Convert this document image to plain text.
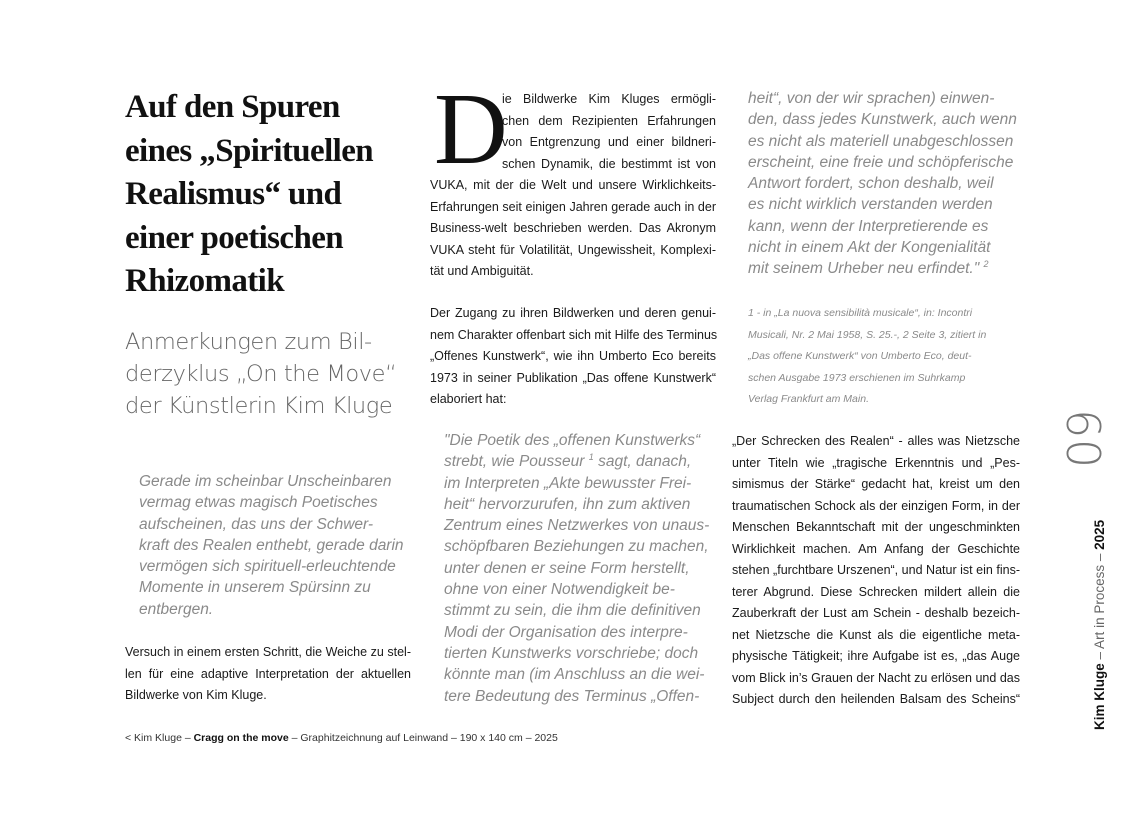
Auf den Spuren
eines „Spirituellen
Realismus“ und
einer poetischen
Rhizomatik
Anmerkungen zum Bil-
derzyklus „On the Move“
der Künstlerin Kim Kluge
Gerade im scheinbar Unscheinbaren
vermag etwas magisch Poetisches
aufscheinen, das uns der Schwer-
kraft des Realen enthebt, gerade darin
vermögen sich spirituell-erleuchtende
Momente in unserem Spürsinn zu
entbergen.
Versuch in einem ersten Schritt, die Weiche zu stel-
len für eine adaptive Interpretation der aktuellen
Bildwerke von Kim Kluge.
D
ie Bildwerke Kim Kluges ermögli-
chen dem Rezipienten Erfahrungen
von Entgrenzung und einer bildneri-
schen Dynamik, die bestimmt ist von
VUKA, mit der die Welt und unsere Wirklichkeits-
Erfahrungen seit einigen Jahren gerade auch in der
Business-welt beschrieben werden. Das Akronym
VUKA steht für Volatilität, Ungewissheit, Komplexi-
tät und Ambiguität.
Der Zugang zu ihren Bildwerken und deren genui-
nem Charakter offenbart sich mit Hilfe des Terminus
„Offenes Kunstwerk“, wie ihn Umberto Eco bereits
1973 in seiner Publikation „Das offene Kunstwerk“
elaboriert hat:
"Die Poetik des „offenen Kunstwerks“
strebt, wie Pousseur $^1$ sagt, danach,
im Interpreten „Akte bewusster Frei-
heit“ hervorzurufen, ihn zum aktiven
Zentrum eines Netzwerkes von unaus-
schöpfbaren Beziehungen zu machen,
unter denen er seine Form herstellt,
ohne von einer Notwendigkeit be-
stimmt zu sein, die ihm die definitiven
Modi der Organisation des interpre-
tierten Kunstwerks vorschriebe; doch
könnte man (im Anschluss an die wei-
tere Bedeutung des Terminus „Offen-
heit“, von der wir sprachen) einwen-
den, dass jedes Kunstwerk, auch wenn
es nicht als materiell unabgeschlossen
erscheint, eine freie und schöpferische
Antwort fordert, schon deshalb, weil
es nicht wirklich verstanden werden
kann, wenn der Interpretierende es
nicht in einem Akt der Kongenialität
mit seinem Urheber neu erfindet." $^2$
1 - in „La nuova sensibilità musicale“, in: Incontri
Musicali, Nr. 2 Mai 1958, S. 25.-, 2 Seite 3, zitiert in
„Das offene Kunstwerk“ von Umberto Eco, deut-
schen Ausgabe 1973 erschienen im Suhrkamp
Verlag Frankfurt am Main.
„Der Schrecken des Realen“ - alles was Nietzsche
unter Titeln wie „tragische Erkenntnis und „Pes-
simismus der Stärke“ gedacht hat, kreist um den
traumatischen Schock als der einzigen Form, in der
Menschen Bekanntschaft mit der ungeschminkten
Wirklichkeit machen. Am Anfang der Geschichte
stehen „furchtbare Urszenen“, und Natur ist ein fins-
terer Abgrund. Diese Schrecken mildert allein die
Zauberkraft der Lust am Schein - deshalb bezeich-
net Nietzsche die Kunst als die eigentliche meta-
physische Tätigkeit; ihre Aufgabe ist es, „das Auge
vom Blick in’s Grauen der Nacht zu erlösen und das
Subject durch den heilenden Balsam des Scheins“
< Kim Kluge – Cragg on the move – Graphitzeichnung auf Leinwand – 190 x 140 cm – 2025
09
Kim Kluge – Art in Process – 2025
